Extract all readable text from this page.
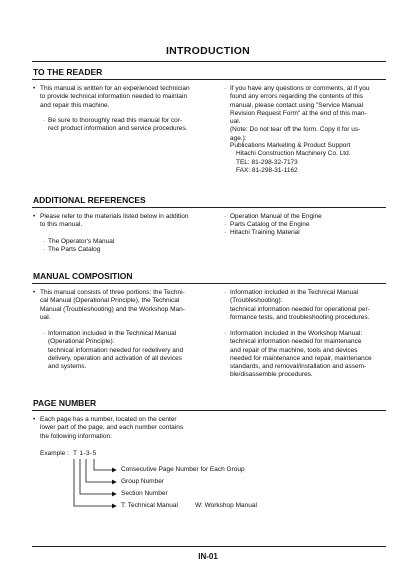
INTRODUCTION
TO THE READER
• This manual is written for an experienced technician
to provide technical information needed to maintain
and repair this machine.
· Be sure to thoroughly read this manual for cor-
rect product information and service procedures.
· If you have any questions or comments, at if you
found any errors regarding the contents of this
manual, please contact using "Service Manual
Revision Request Form" at the end of this man-
ual.
(Note: Do not tear off the form. Copy it for us-
age.):
Publications Marketing & Product Support
Hitachi Construction Machinery Co. Ltd.
TEL: 81-298-32-7173
FAX: 81-298-31-1162
ADDITIONAL REFERENCES
• Please refer to the materials listed below in addition
to this manual.
· The Operator's Manual
· The Parts Catalog
· Operation Manual of the Engine
· Parts Catalog of the Engine
· Hitachi Training Material
MANUAL COMPOSITION
• This manual consists of three portions: the Techni-
cal Manual (Operational Principle), the Technical
Manual (Troubleshooting) and the Workshop Man-
ual.
· Information included in the Technical Manual
(Operational Principle):
technical information needed for redelivery and
delivery, operation and activation of all devices
and systems.
· Information included in the Technical Manual
(Troubleshooting):
technical information needed for operational per-
formance tests, and troubleshooting procedures.
· Information included in the Workshop Manual:
technical information needed for maintenance
and repair of the machine, tools and devices
needed for maintenance and repair, maintenance
standards, and removal/installation and assem-
ble/disassemble procedures.
PAGE NUMBER
• Each page has a number, located on the center
lower part of the page, and each number contains
the following information:
Example : T 1-3-5
Consecutive Page Number for Each Group
Group Number
Section Number
T: Technical Manual	W: Workshop Manual
IN-01
